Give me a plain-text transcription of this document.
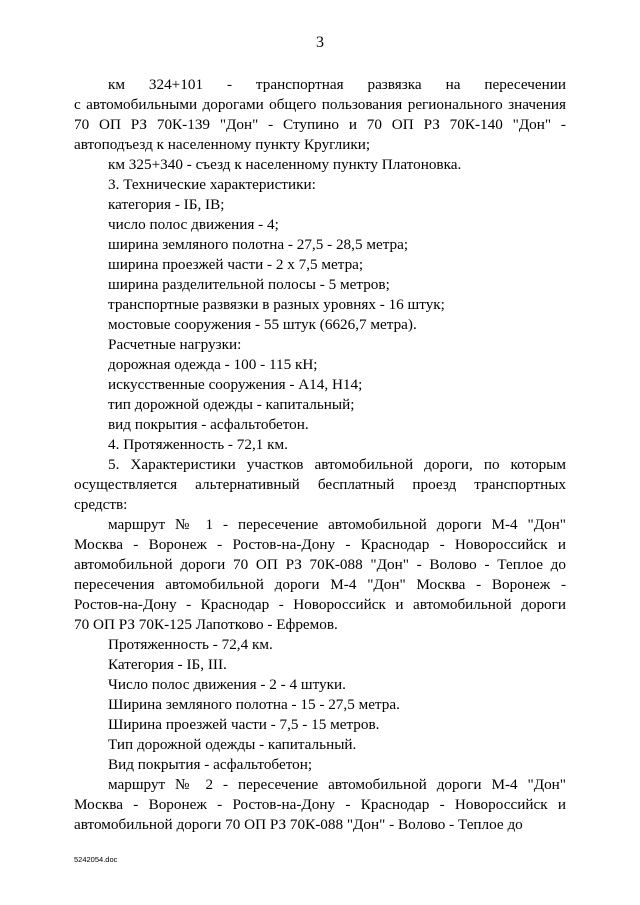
3

км 324+101 - транспортная развязка на пересечении

с автомобильными дорогами общего пользования регионального значения

70 ОП РЗ 70К-139 "Дон" - Ступино и 70 ОП РЗ 70К-140 "Дон" -

автоподъезд к населенному пункту Круглики;

км 325+340 - съезд к населенному пункту Платоновка.

3. Технические характеристики:

категория - IБ, IВ;

число полос движения - 4;

ширина земляного полотна - 27,5 - 28,5 метра;

ширина проезжей части - 2 х 7,5 метра;

ширина разделительной полосы - 5 метров;

транспортные развязки в разных уровнях - 16 штук;

мостовые сооружения - 55 штук (6626,7 метра).

Расчетные нагрузки:

дорожная одежда - 100 - 115 кН;

искусственные сооружения - А14, Н14;

тип дорожной одежды - капитальный;

вид покрытия - асфальтобетон.

4. Протяженность - 72,1 км.

5. Характеристики участков автомобильной дороги, по которым

осуществляется альтернативный бесплатный проезд транспортных

средств:

маршрут № 1 - пересечение автомобильной дороги М-4 "Дон"

Москва - Воронеж - Ростов-на-Дону - Краснодар - Новороссийск и

автомобильной дороги 70 ОП РЗ 70К-088 "Дон" - Волово - Теплое до

пересечения автомобильной дороги М-4 "Дон" Москва - Воронеж -

Ростов-на-Дону - Краснодар - Новороссийск и автомобильной дороги

70 ОП РЗ 70К-125 Лапотково - Ефремов.

Протяженность - 72,4 км.

Категория - IБ, III.

Число полос движения - 2 - 4 штуки.

Ширина земляного полотна - 15 - 27,5 метра.

Ширина проезжей части - 7,5 - 15 метров.

Тип дорожной одежды - капитальный.

Вид покрытия - асфальтобетон;

маршрут № 2 - пересечение автомобильной дороги М-4 "Дон"

Москва - Воронеж - Ростов-на-Дону - Краснодар - Новороссийск и

автомобильной дороги 70 ОП РЗ 70К-088 "Дон" - Волово - Теплое до

5242054.doc
